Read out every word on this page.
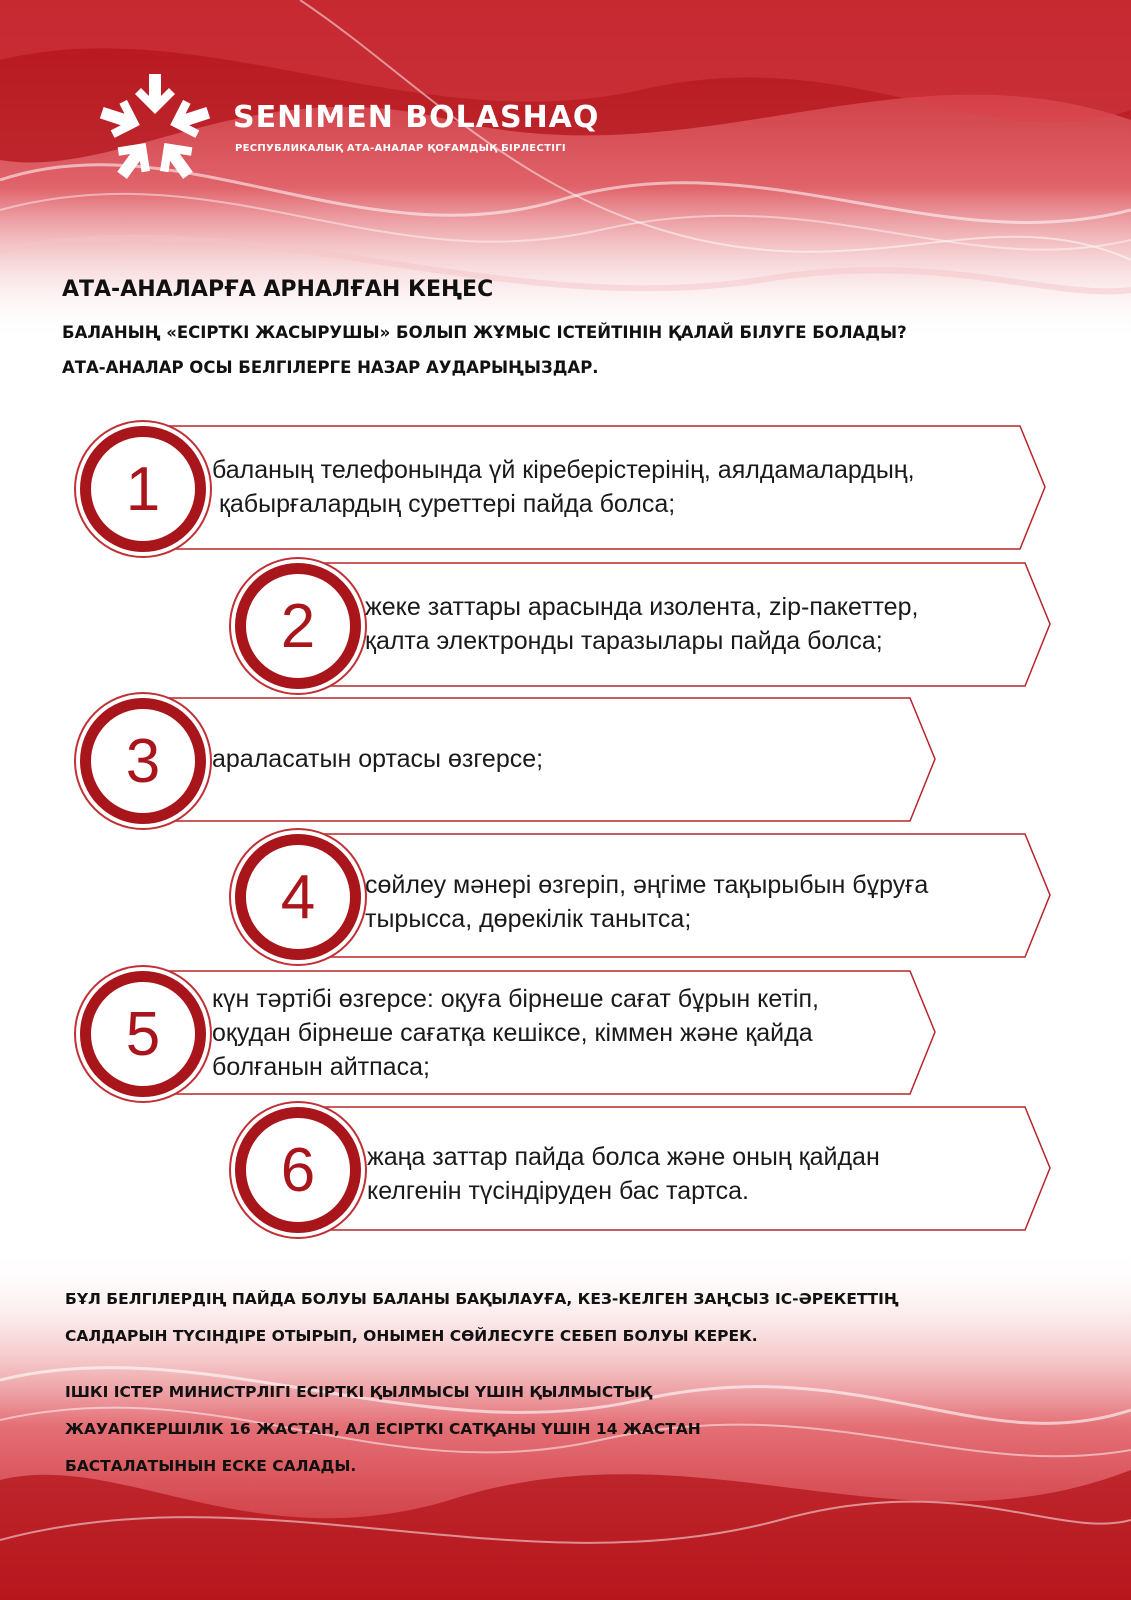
SENIMEN BOLASHAQ
РЕСПУБЛИКАЛЫҚ АТА-АНАЛАР ҚОҒАМДЫҚ БІРЛЕСТІГІ
АТА-АНАЛАРҒА АРНАЛҒАН КЕҢЕС
БАЛАНЫҢ «ЕСІРТКІ ЖАСЫРУШЫ» БОЛЫП ЖҰМЫС ІСТЕЙТІНІН ҚАЛАЙ БІЛУГЕ БОЛАДЫ?
АТА-АНАЛАР ОСЫ БЕЛГІЛЕРГЕ НАЗАР АУДАРЫҢЫЗДАР.
1	баланың телефонында үй кіреберістерінің, аялдамалардың,
қабырғалардың суреттері пайда болса;
2	жеке заттары арасында изолента, zip-пакеттер,
қалта электронды таразылары пайда болса;
3	араласатын ортасы өзгерсе;
4	сөйлеу мәнері өзгеріп, әңгіме тақырыбын бұруға
тырысса, дөрекілік танытса;
5
күн тәртібі өзгерсе: оқуға бірнеше сағат бұрын кетіп,
оқудан бірнеше сағатқа кешіксе, кіммен және қайда
болғанын айтпаса;
6	жаңа заттар пайда болса және оның қайдан
келгенін түсіндіруден бас тартса.
БҰЛ БЕЛГІЛЕРДІҢ ПАЙДА БОЛУЫ БАЛАНЫ БАҚЫЛАУҒА, КЕЗ-КЕЛГЕН ЗАҢСЫЗ ІС-ӘРЕКЕТТІҢ
САЛДАРЫН ТҮСІНДІРЕ ОТЫРЫП, ОНЫМЕН СӨЙЛЕСУГЕ СЕБЕП БОЛУЫ КЕРЕК.
ІШКІ ІСТЕР МИНИСТРЛІГІ ЕСІРТКІ ҚЫЛМЫСЫ ҮШІН ҚЫЛМЫСТЫҚ
ЖАУАПКЕРШІЛІК 16 ЖАСТАН, АЛ ЕСІРТКІ САТҚАНЫ ҮШІН 14 ЖАСТАН
БАСТАЛАТЫНЫН ЕСКЕ САЛАДЫ.
